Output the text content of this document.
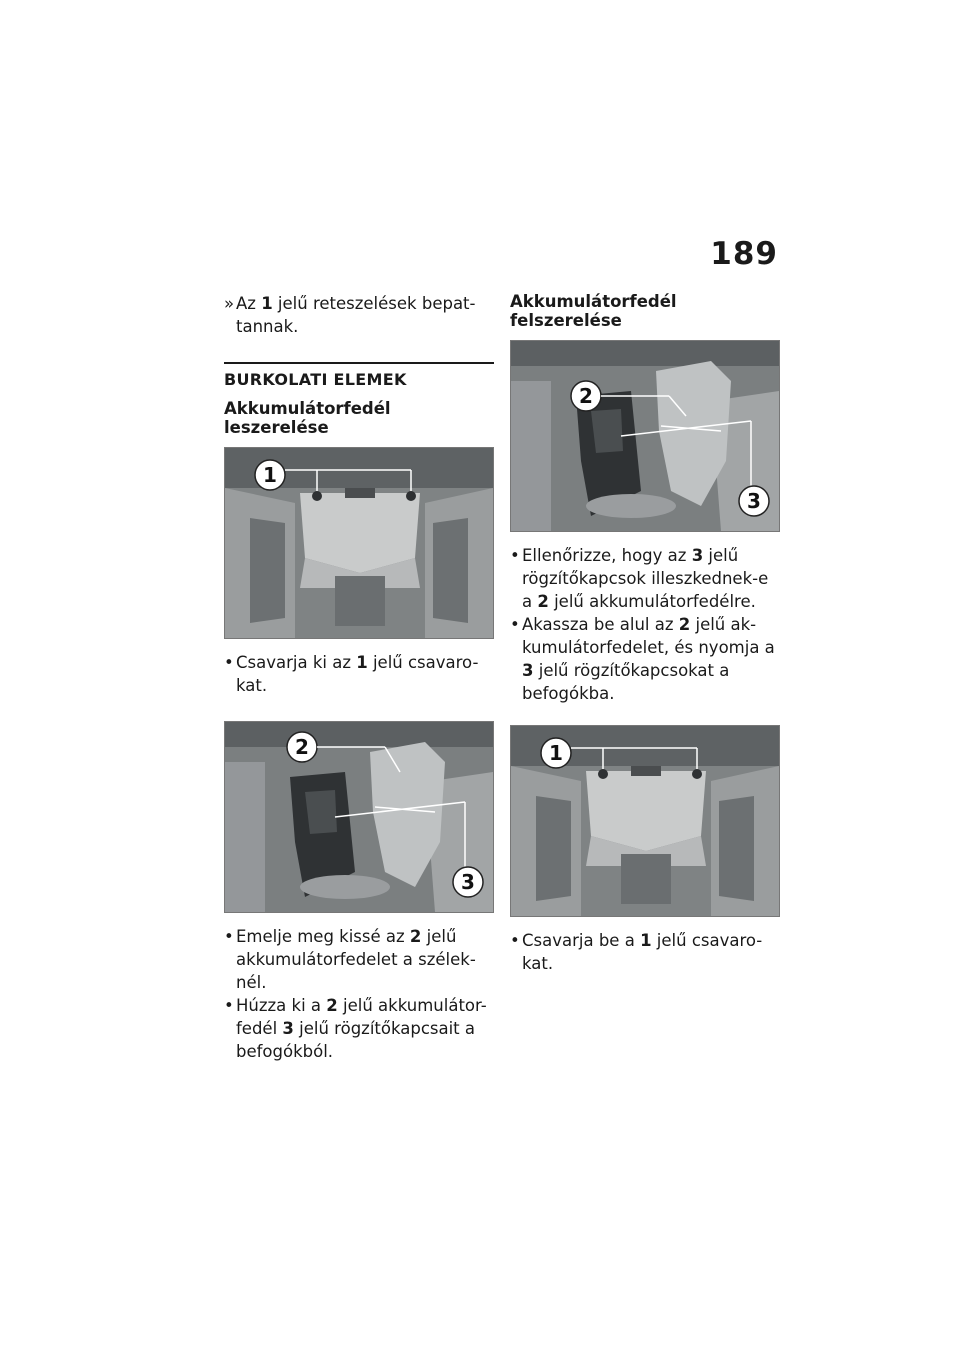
189
» Az 1 jelű reteszelések bepat-tannak.
BURKOLATI ELEMEK
Akkumulátorfedél leszerelése
1
• Csavarja ki az 1 jelű csavaro-kat.
2
3
• Emelje meg kissé az 2 jelű akkumulátorfedelet a szélek-nél.
• Húzza ki a 2 jelű akkumulátor-fedél 3 jelű rögzítőkapcsait a befogókból.
Akkumulátorfedél felszerelése
2
3
• Ellenőrizze, hogy az 3 jelű rögzítőkapcsok illeszkednek-e a 2 jelű akkumulátorfedélre.
• Akassza be alul az 2 jelű ak-kumulátorfedelet, és nyomja a 3 jelű rögzítőkapcsokat a befogókba.
1
• Csavarja be a 1 jelű csavaro-kat.
